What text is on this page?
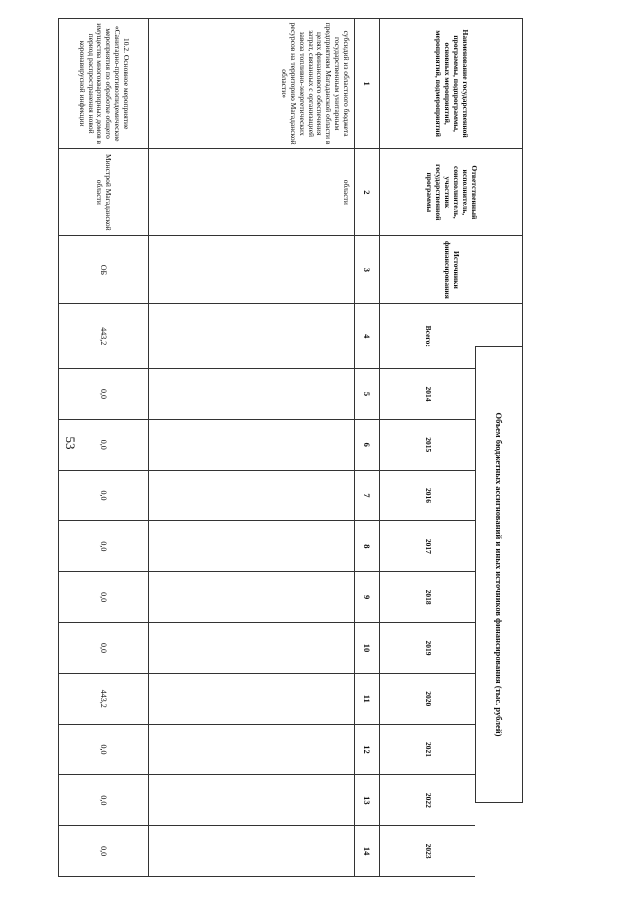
53	Объем бюджетных ассигнований и иных источников финансирования (тыс. рублей)
Наименование государственной программы, подпрограммы, основных мероприятий, мероприятий, подмероприятий
Ответственный исполнитель, соисполнитель, участник государственной программы
Источники финансирования
Всего:
2014
2015
2016
2017
2018
2019
2020
2021
2022
2023
1
2
3
4
5
6
7
8
9
10
11
12
13
14
субсидий из областного бюджета государственным унитарным предприятиям Магаданской области в целях финансового обеспечения затрат, связанных с организацией завоза топливно-энергетических ресурсов на территорию Магаданской области»
области
10.2. Основное мероприятие «Санитарно-противоэпидемические мероприятия по обработке общего имущества многоквартирных домов в период распространения новой коронавирусной инфекции
Минстрой Магаданской области
ОБ
443,2
0,0
0,0
0,0
0,0
0,0
0,0
443,2
0,0
0,0
0,0
